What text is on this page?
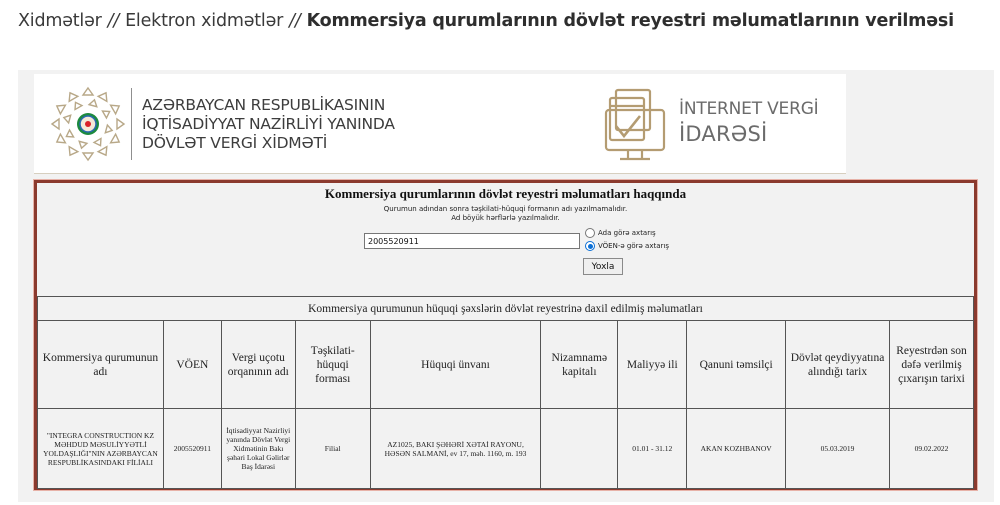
Xidmətlər // Elektron xidmətlər // Kommersiya qurumlarının dövlət reyestri məlumatlarının verilməsi
AZƏRBAYCAN RESPUBLİKASININ
İQTİSADİYYAT NAZİRLİYİ YANINDA
DÖVLƏT VERGİ XİDMƏTİ
İNTERNET VERGİ
İDARƏSİ
Kommersiya qurumlarının dövlət reyestri məlumatları haqqında
Qurumun adından sonra təşkilati-hüquqi formanın adı yazılmamalıdır.
Ad böyük hərflərlə yazılmalıdır.
2005520911
Ada görə axtarış
VÖEN-ə görə axtarış
Yoxla
Kommersiya qurumunun hüquqi şəxslərin dövlət reyestrinə daxil edilmiş məlumatları									
Kommersiya qurumunun adı	VÖEN	Vergi uçotu orqanının adı	Təşkilati-hüquqi forması	Hüquqi ünvanı	Nizamnamə kapitalı	Maliyyə ili	Qanuni təmsilçi	Dövlət qeydiyyatına alındığı tarix	Reyestrdən son dəfə verilmiş çıxarışın tarixi
"INTEGRA CONSTRUCTION KZ MƏHDUD MƏSULİYYƏTLİ YOLDAŞLIĞI"NIN AZƏRBAYCAN RESPUBLİKASINDAKI FİLİALI	2005520911	İqtisadiyyat Nazirliyi yanında Dövlət Vergi Xidmətinin Bakı şəhəri Lokal Gəlirlər Baş İdarəsi	Filial	AZ1025, BAKI ŞƏHƏRİ XƏTAİ RAYONU, HƏSƏN SALMANİ, ev 17, məh. 1160, m. 193		01.01 - 31.12	AKAN KOZHBANOV	05.03.2019	09.02.2022
